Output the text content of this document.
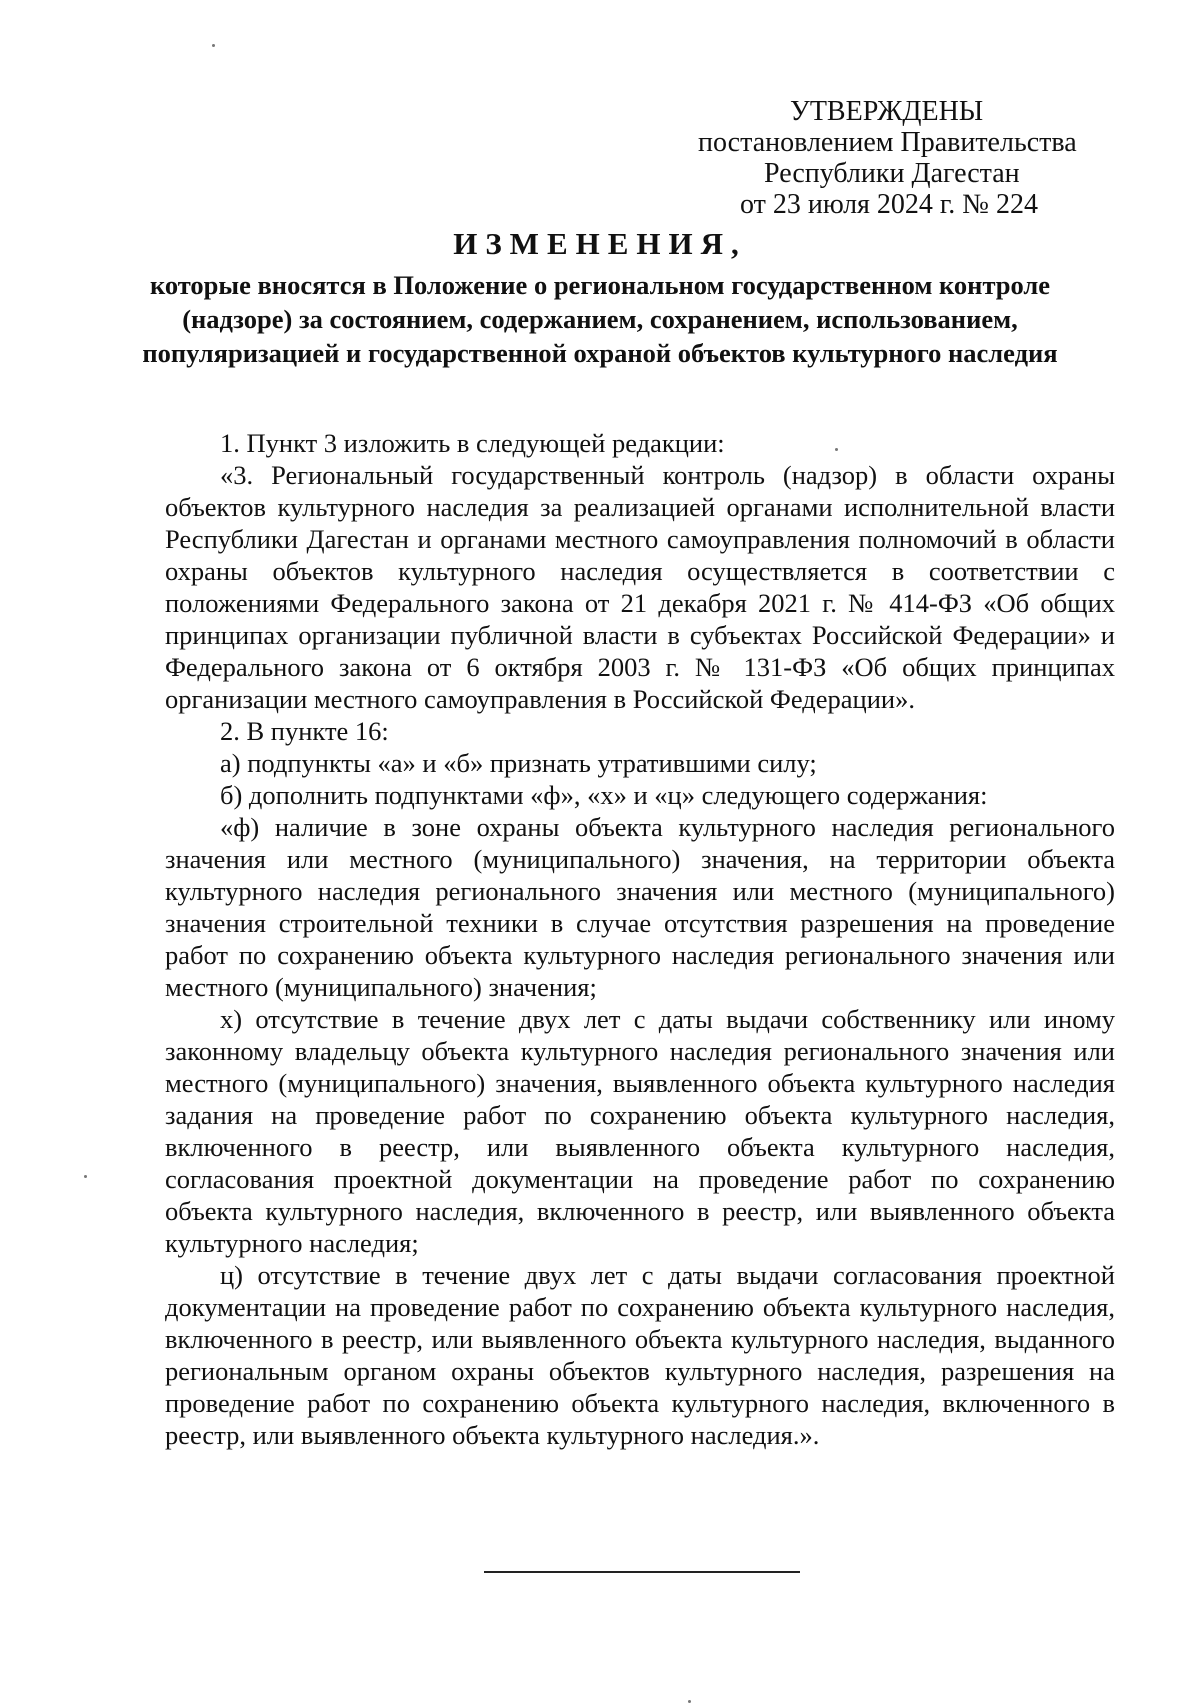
УТВЕРЖДЕНЫ
постановлением Правительства
Республики Дагестан
от 23 июля 2024 г. № 224
ИЗМЕНЕНИЯ,
которые вносятся в Положение о региональном государственном контроле (надзоре) за состоянием, содержанием, сохранением, использованием, популяризацией и государственной охраной объектов культурного наследия

1. Пункт 3 изложить в следующей редакции:

«3. Региональный государственный контроль (надзор) в области охраны объектов культурного наследия за реализацией органами исполнительной власти Республики Дагестан и органами местного самоуправления полномочий в области охраны объектов культурного наследия осуществляется в соответствии с положениями Федерального закона от 21 декабря 2021 г. № 414-ФЗ «Об общих принципах организации публичной власти в субъектах Российской Федерации» и Федерального закона от 6 октября 2003 г. № 131-ФЗ «Об общих принципах организации местного самоуправления в Российской Федерации».

2. В пункте 16:

а) подпункты «а» и «б» признать утратившими силу;

б) дополнить подпунктами «ф», «х» и «ц» следующего содержания:

«ф) наличие в зоне охраны объекта культурного наследия регионального значения или местного (муниципального) значения, на территории объекта культурного наследия регионального значения или местного (муниципального) значения строительной техники в случае отсутствия разрешения на проведение работ по сохранению объекта культурного наследия регионального значения или местного (муниципального) значения;

х) отсутствие в течение двух лет с даты выдачи собственнику или иному законному владельцу объекта культурного наследия регионального значения или местного (муниципального) значения, выявленного объекта культурного наследия задания на проведение работ по сохранению объекта культурного наследия, включенного в реестр, или выявленного объекта культурного наследия, согласования проектной документации на проведение работ по сохранению объекта культурного наследия, включенного в реестр, или выявленного объекта культурного наследия;

ц) отсутствие в течение двух лет с даты выдачи согласования проектной документации на проведение работ по сохранению объекта культурного наследия, включенного в реестр, или выявленного объекта культурного наследия, выданного региональным органом охраны объектов культурного наследия, разрешения на проведение работ по сохранению объекта культурного наследия, включенного в реестр, или выявленного объекта культурного наследия.».
